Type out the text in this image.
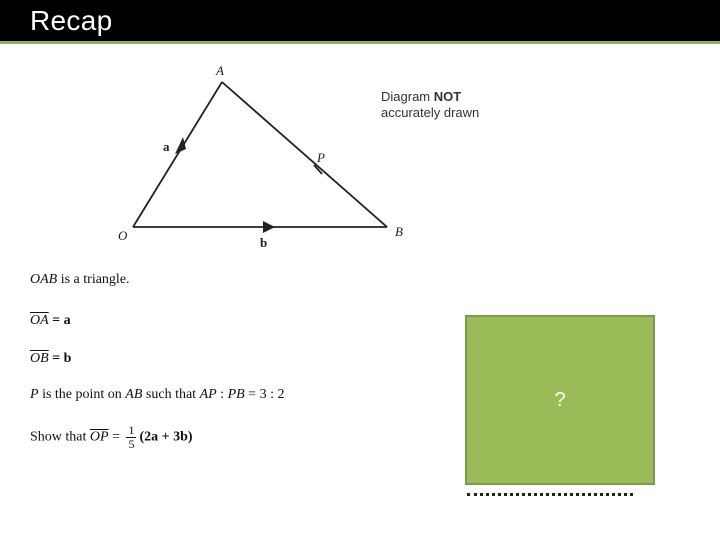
Recap
A
O	B
P
a
b
Diagram NOT
accurately drawn
OAB is a triangle.
$\overline{OA} = a$
$\overline{OB} = b$
P is the point on AB such that AP : PB = 3 : 2
Show that $\overline{OP} = \frac{1}{5} (2a + 3b)$
?
